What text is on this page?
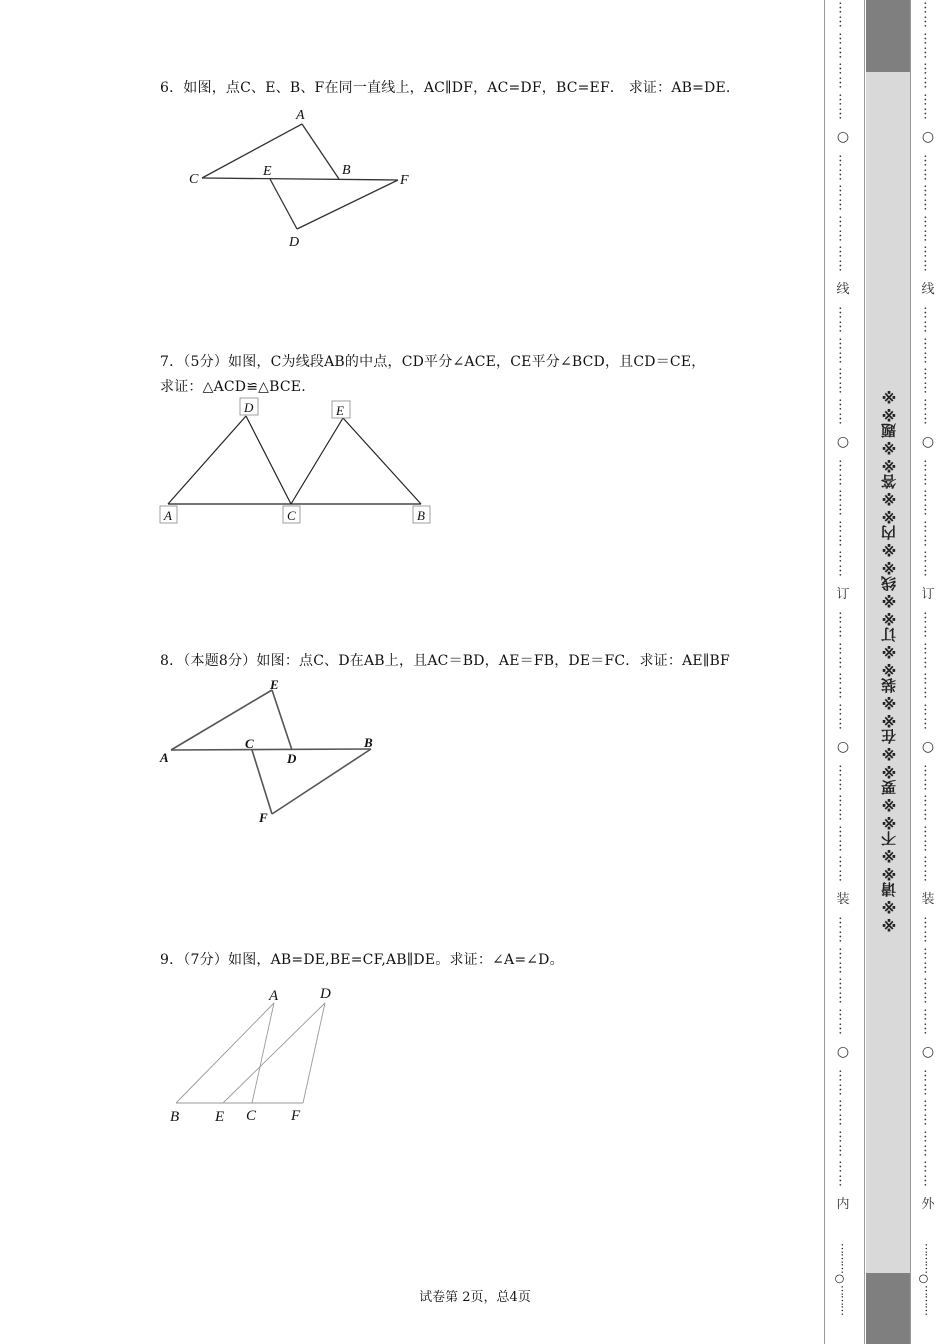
6．如图，点C、E、B、F在同一直线上，AC∥DF，AC=DF，BC=EF． 求证：AB=DE.
A
B
C
D
E
F
D	E
A	C	B
A
B
C
D
E
F
A	D
B E C F
7．（5分）如图，C为线段AB的中点，CD平分∠ACE，CE平分∠BCD，且CD＝CE，
求证：△ACD≌△BCE.
8．（本题8分）如图：点C、D在AB上，且AC＝BD，AE＝FB，DE＝FC．求证：AE∥BF
9．（7分）如图，AB=DE,BE=CF,AB∥DE。求证：∠A=∠D。
试卷第 2页，总4页
※※请※※不※※要※※在※※装※※订※※线※※内※※答※※题※※
……
……
……
……
○
……
……
……
……
线
……
……
……
……
○
……
……
……
……
订
……
……
……
……
○
……
……
……
……
装
……
……
……
……
○
……
……
……
……
内
……
……
……
……
○
……
……
……
……
线
……
……
……
……
○
……
……
……
……
订
……
……
……
……
○
……
……
……
……
装
……
……
……
……
○
……
……
……
……
外
………○………	………○………
